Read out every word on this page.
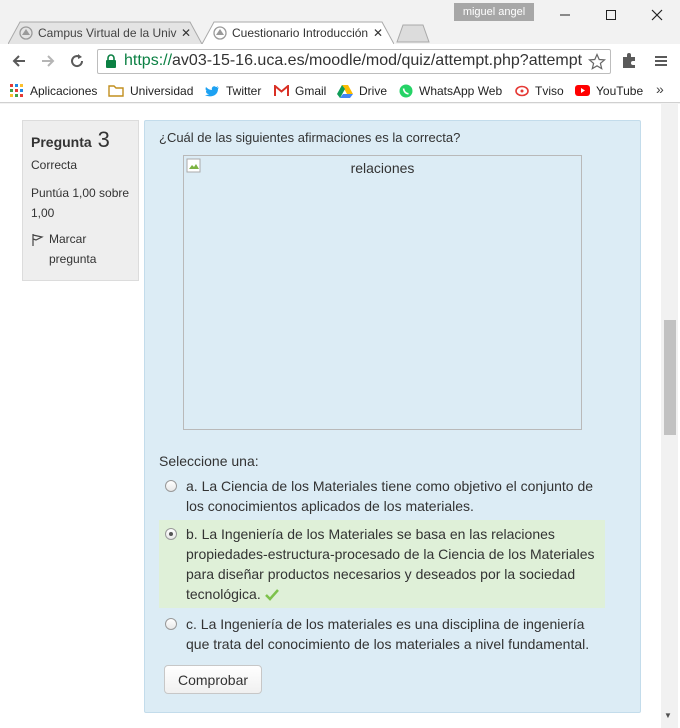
Campus Virtual de la Univ ✕	Cuestionario Introducción ✕
miguel angel
https://av03-15-16.uca.es/moodle/mod/quiz/attempt.php?attempt
Aplicaciones	Universidad	Twitter	Gmail	Drive	WhatsApp Web	Tviso	YouTube »
Pregunta 3
Correcta
Puntúa 1,00 sobre 1,00
Marcar pregunta
¿Cuál de las siguientes afirmaciones es la correcta?
relaciones
Seleccione una:
a. La Ciencia de los Materiales tiene como objetivo el conjunto de los conocimientos aplicados de los materiales.
b. La Ingeniería de los Materiales se basa en las relaciones propiedades-estructura-procesado de la Ciencia de los Materiales para diseñar productos necesarios y deseados por la sociedad tecnológica.
c. La Ingeniería de los materiales es una disciplina de ingeniería que trata del conocimiento de los materiales a nivel fundamental.
Comprobar
▼
